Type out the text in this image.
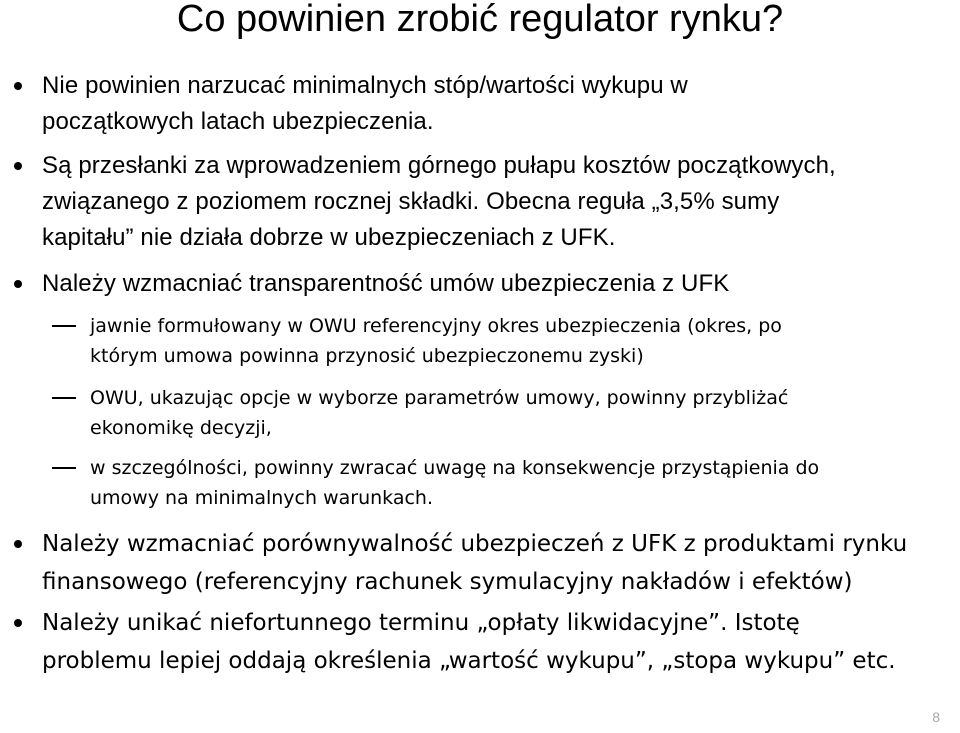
Co powinien zrobić regulator rynku?
Nie powinien narzucać minimalnych stóp/wartości wykupu w
początkowych latach ubezpieczenia.
Są przesłanki za wprowadzeniem górnego pułapu kosztów początkowych,
związanego z poziomem rocznej składki. Obecna reguła „3,5% sumy
kapitału” nie działa dobrze w ubezpieczeniach z UFK.
Należy wzmacniać transparentność umów ubezpieczenia z UFK
jawnie formułowany w OWU referencyjny okres ubezpieczenia (okres, po
którym umowa powinna przynosić ubezpieczonemu zyski)
OWU, ukazując opcje w wyborze parametrów umowy, powinny przybliżać
ekonomikę decyzji,
w szczególności, powinny zwracać uwagę na konsekwencje przystąpienia do
umowy na minimalnych warunkach.
Należy wzmacniać porównywalność ubezpieczeń z UFK z produktami rynku
finansowego (referencyjny rachunek symulacyjny nakładów i efektów)
Należy unikać niefortunnego terminu „opłaty likwidacyjne”. Istotę
problemu lepiej oddają określenia „wartość wykupu”, „stopa wykupu” etc.
8
